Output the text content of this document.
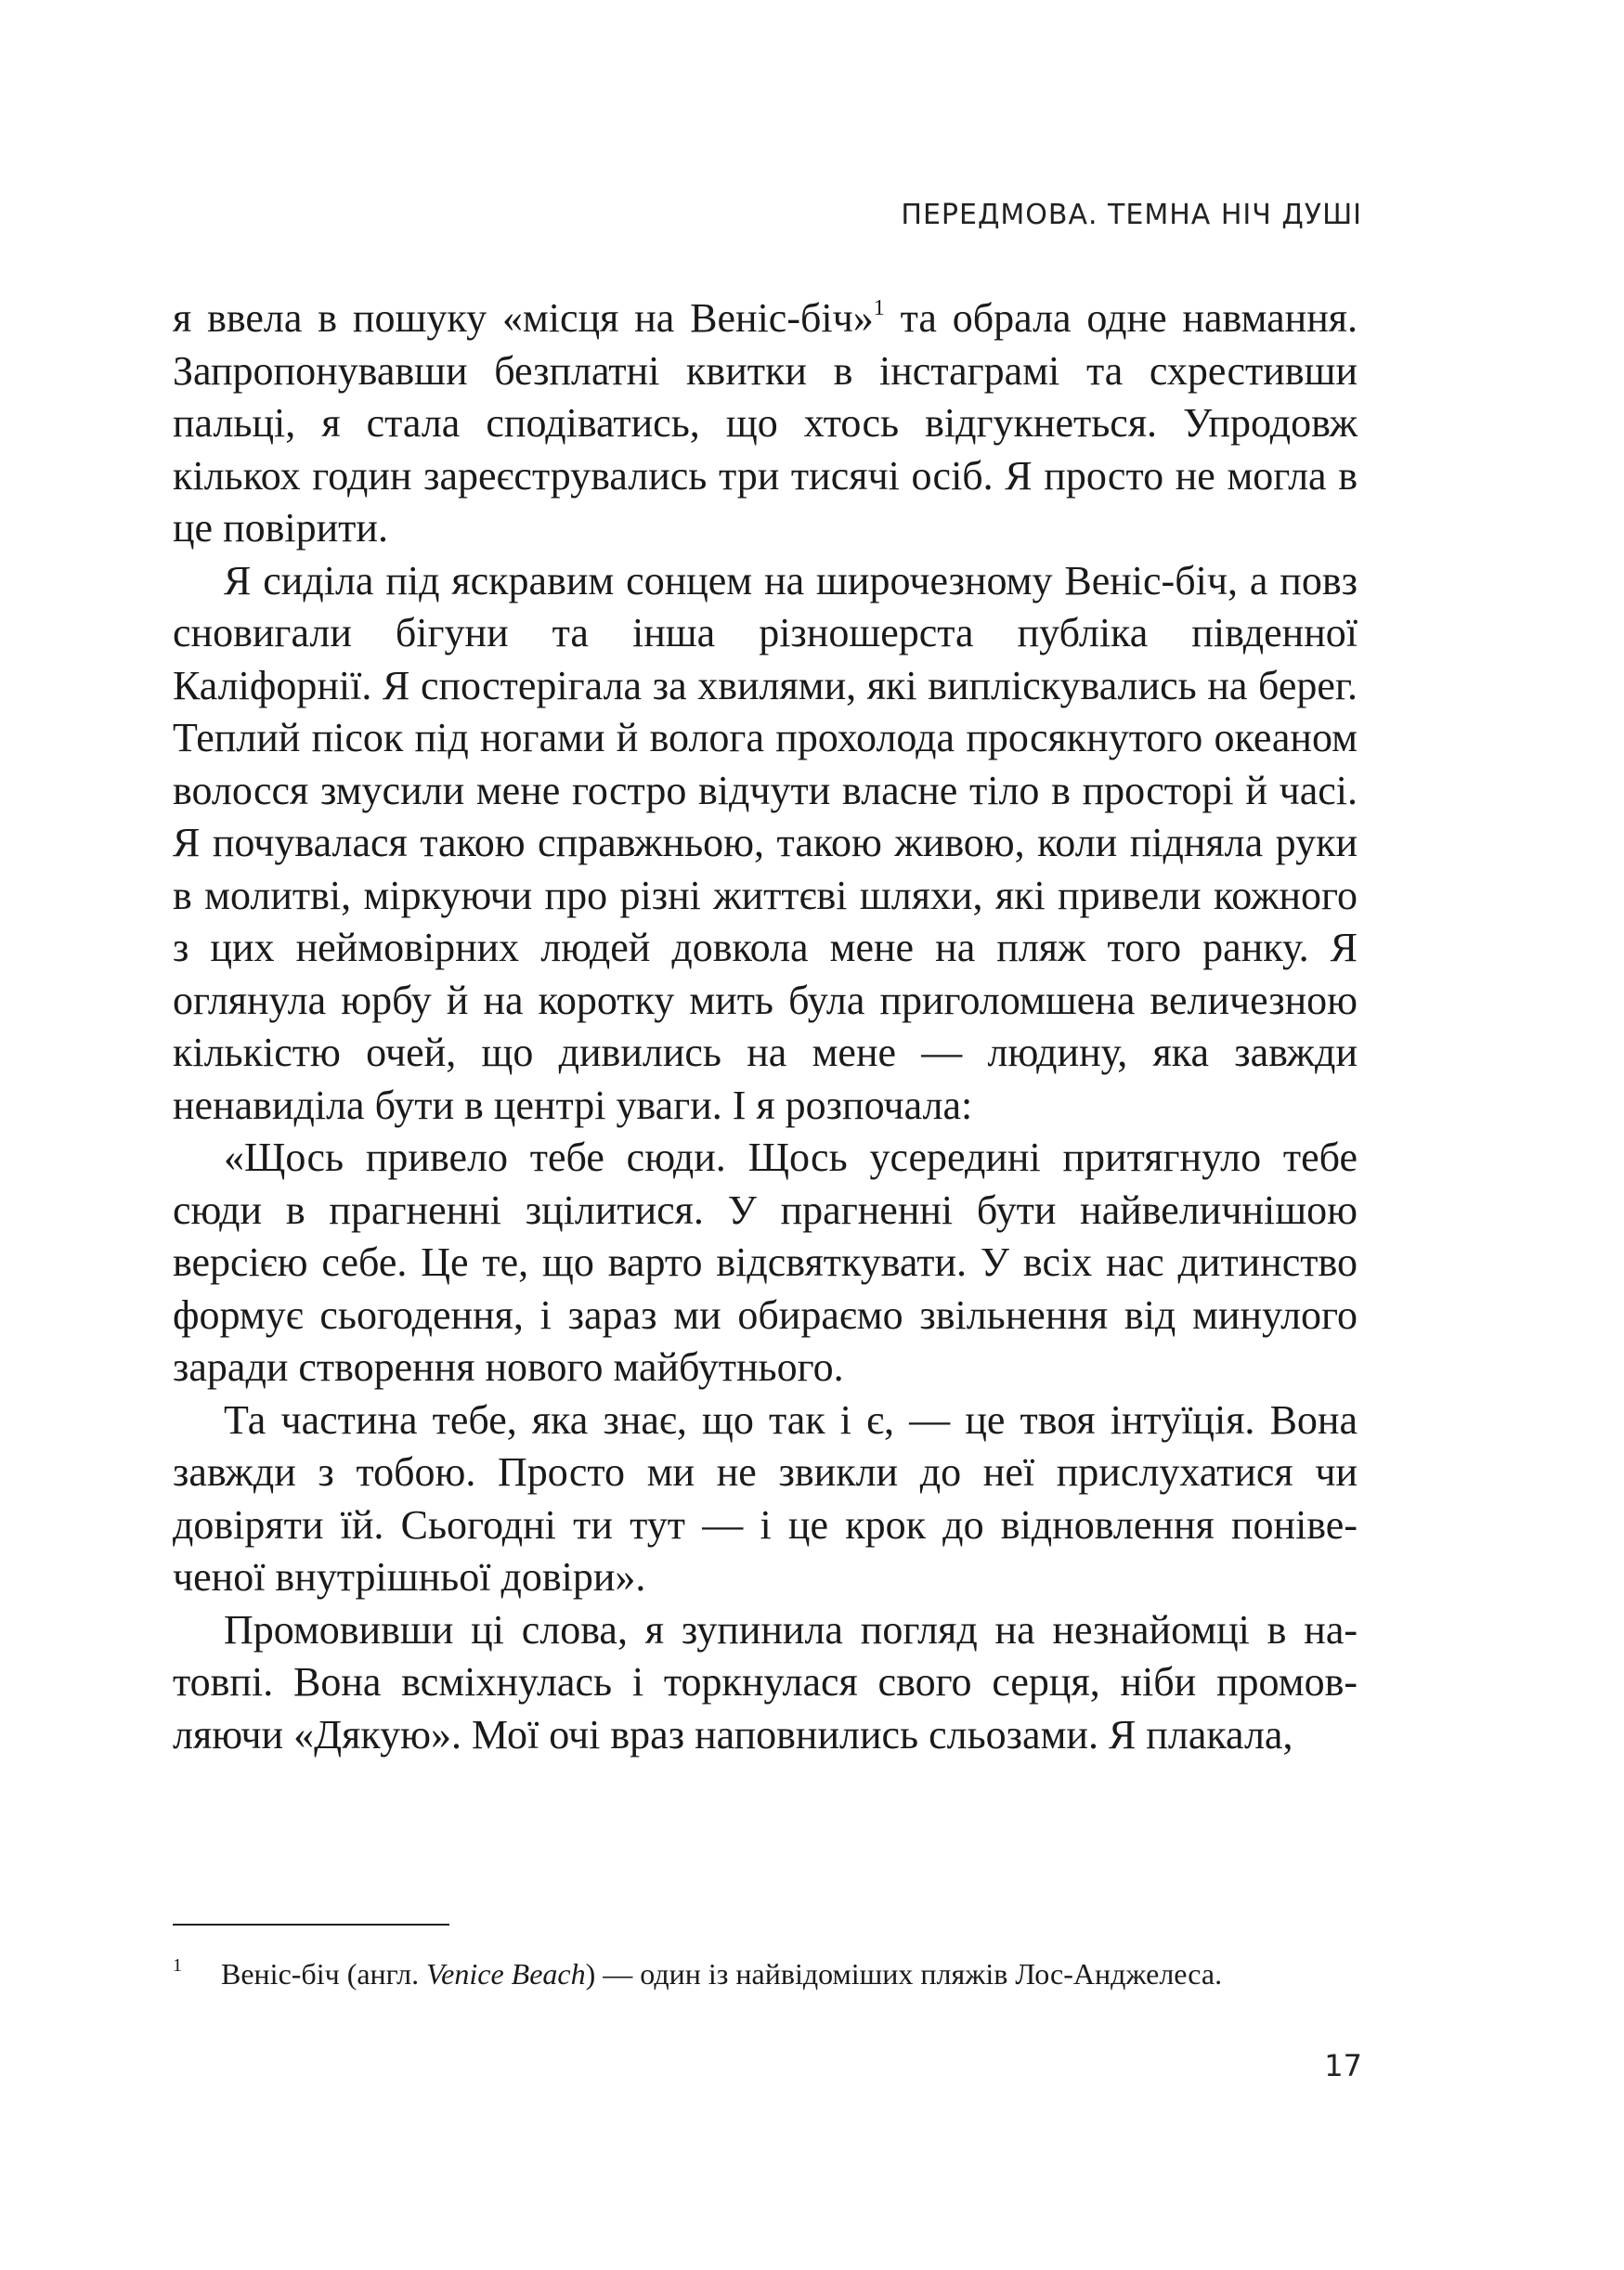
ПЕРЕДМОВА. ТЕМНА НІЧ ДУШІ

я ввела в пошуку «місця на Веніс-біч»$^1$ та обрала одне навмання. Запропонувавши безплатні квитки в інстаграмі та схрестивши пальці, я стала сподіватись, що хтось відгукнеться. Упродовж кількох годин зареєструвались три тисячі осіб. Я просто не могла в це повірити.

Я сиділа під яскравим сонцем на широчезному Веніс-біч, а повз сновигали бігуни та інша різношерста публіка південної Каліфорнії. Я спостерігала за хвилями, які випліскувались на берег. Теплий пісок під ногами й волога прохолода просякнутого океаном волосся змусили мене гостро відчути власне тіло в просторі й часі. Я почувалася такою справжньою, такою живою, коли підняла руки в молитві, міркуючи про різні життєві шляхи, які привели кожного з цих неймовірних людей довкола мене на пляж того ранку. Я оглянула юрбу й на коротку мить була приголомшена величезною кількістю очей, що дивились на мене — людину, яка завжди ненавиділа бути в центрі уваги. І я розпочала:

«Щось привело тебе сюди. Щось усередині притягнуло тебе сюди в прагненні зцілитися. У прагненні бути найвеличнішою версією себе. Це те, що варто відсвяткувати. У всіх нас дитинство формує сьогодення, і зараз ми обираємо звільнення від минулого заради створення нового майбутнього.

Та частина тебе, яка знає, що так і є, — це твоя інтуїція. Вона завжди з тобою. Просто ми не звикли до неї прислухатися чи довіряти їй. Сьогодні ти тут — і це крок до відновлення понівеченої внутрішньої довіри».

Промовивши ці слова, я зупинила погляд на незнайомці в натовпі. Вона всміхнулась і торкнулася свого серця, ніби промовляючи «Дякую». Мої очі враз наповнились сльозами. Я плакала,

1 Веніс-біч (англ. Venice Beach) — один із найвідоміших пляжів Лос-Анджелеса.
17
